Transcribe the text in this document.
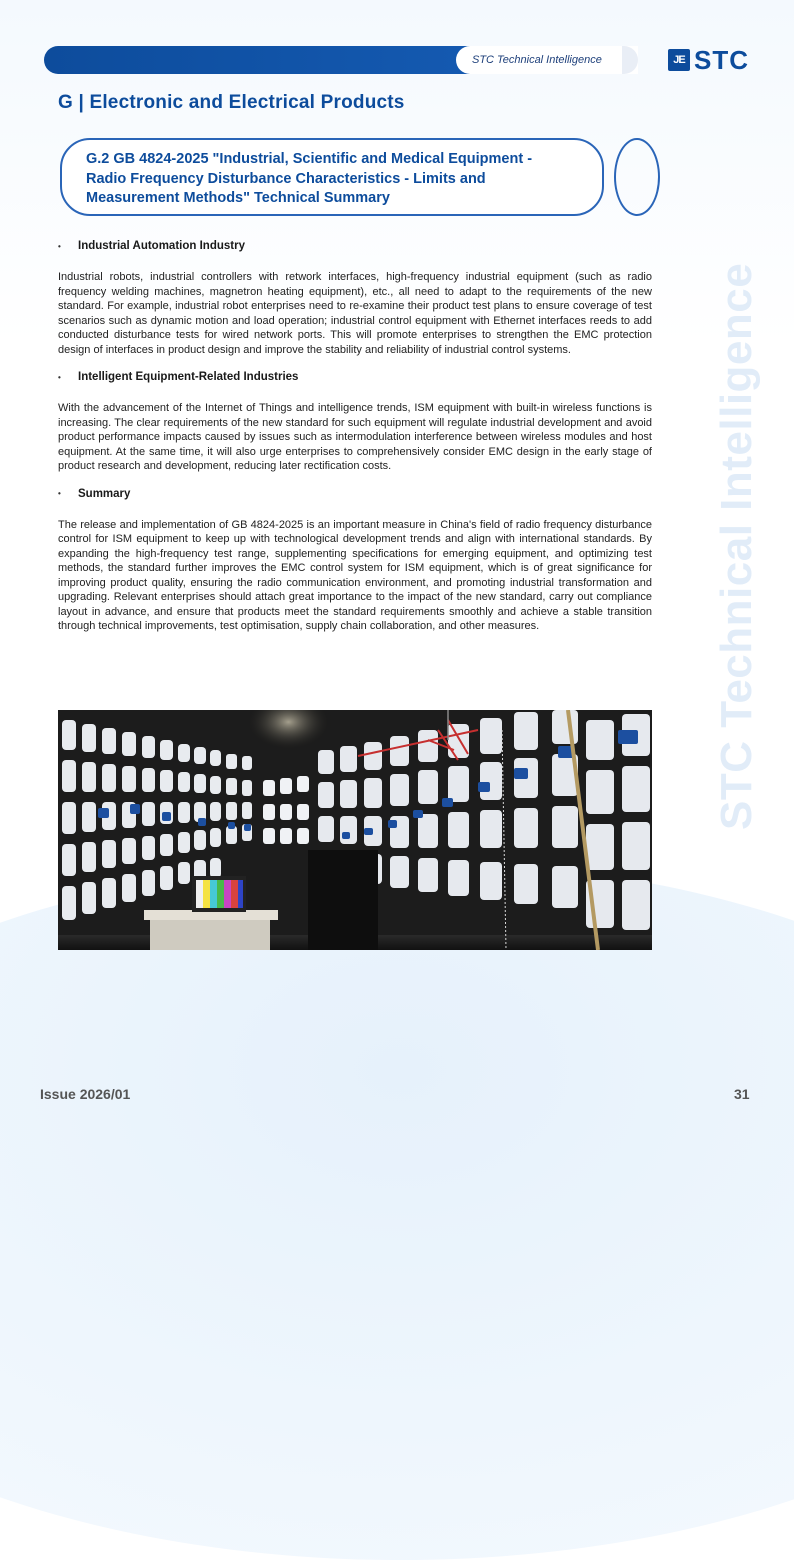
STC Technical Intelligence	JE STC
G | Electronic and Electrical Products
G.2 GB 4824-2025 "Industrial, Scientific and Medical Equipment -
Radio Frequency Disturbance Characteristics - Limits and
Measurement Methods" Technical Summary
STC Technical Intelligence
•	Industrial Automation Industry

Industrial robots, industrial controllers with retwork interfaces, high-frequency industrial equipment (such as radio frequency welding machines, magnetron heating equipment), etc., all need to adapt to the requirements of the new standard. For example, industrial robot enterprises need to re-examine their product test plans to ensure coverage of test scenarios such as dynamic motion and load operation; industrial control equipment with Ethernet interfaces reeds to add conducted disturbance tests for wired network ports. This will promote enterprises to strengthen the EMC protection design of interfaces in product design and improve the stability and reliability of industrial control systems.

•	Intelligent Equipment-Related Industries

With the advancement of the Internet of Things and intelligence trends, ISM equipment with built-in wireless functions is increasing. The clear requirements of the new standard for such equipment will regulate industrial development and avoid product performance impacts caused by issues such as intermodulation interference between wireless modules and host equipment. At the same time, it will also urge enterprises to comprehensively consider EMC design in the early stage of product research and development, reducing later rectification costs.

•	Summary

The release and implementation of GB 4824-2025 is an important measure in China's field of radio frequency disturbance control for ISM equipment to keep up with technological development trends and align with international standards. By expanding the high-frequency test range, supplementing specifications for emerging equipment, and optimizing test methods, the standard further improves the EMC control system for ISM equipment, which is of great significance for improving product quality, ensuring the radio communication environment, and promoting industrial transformation and upgrading. Relevant enterprises should attach great importance to the impact of the new standard, carry out compliance layout in advance, and ensure that products meet the standard requirements smoothly and achieve a stable transition through technical improvements, test optimisation, supply chain collaboration, and other measures.

Issue 2026/01	31
